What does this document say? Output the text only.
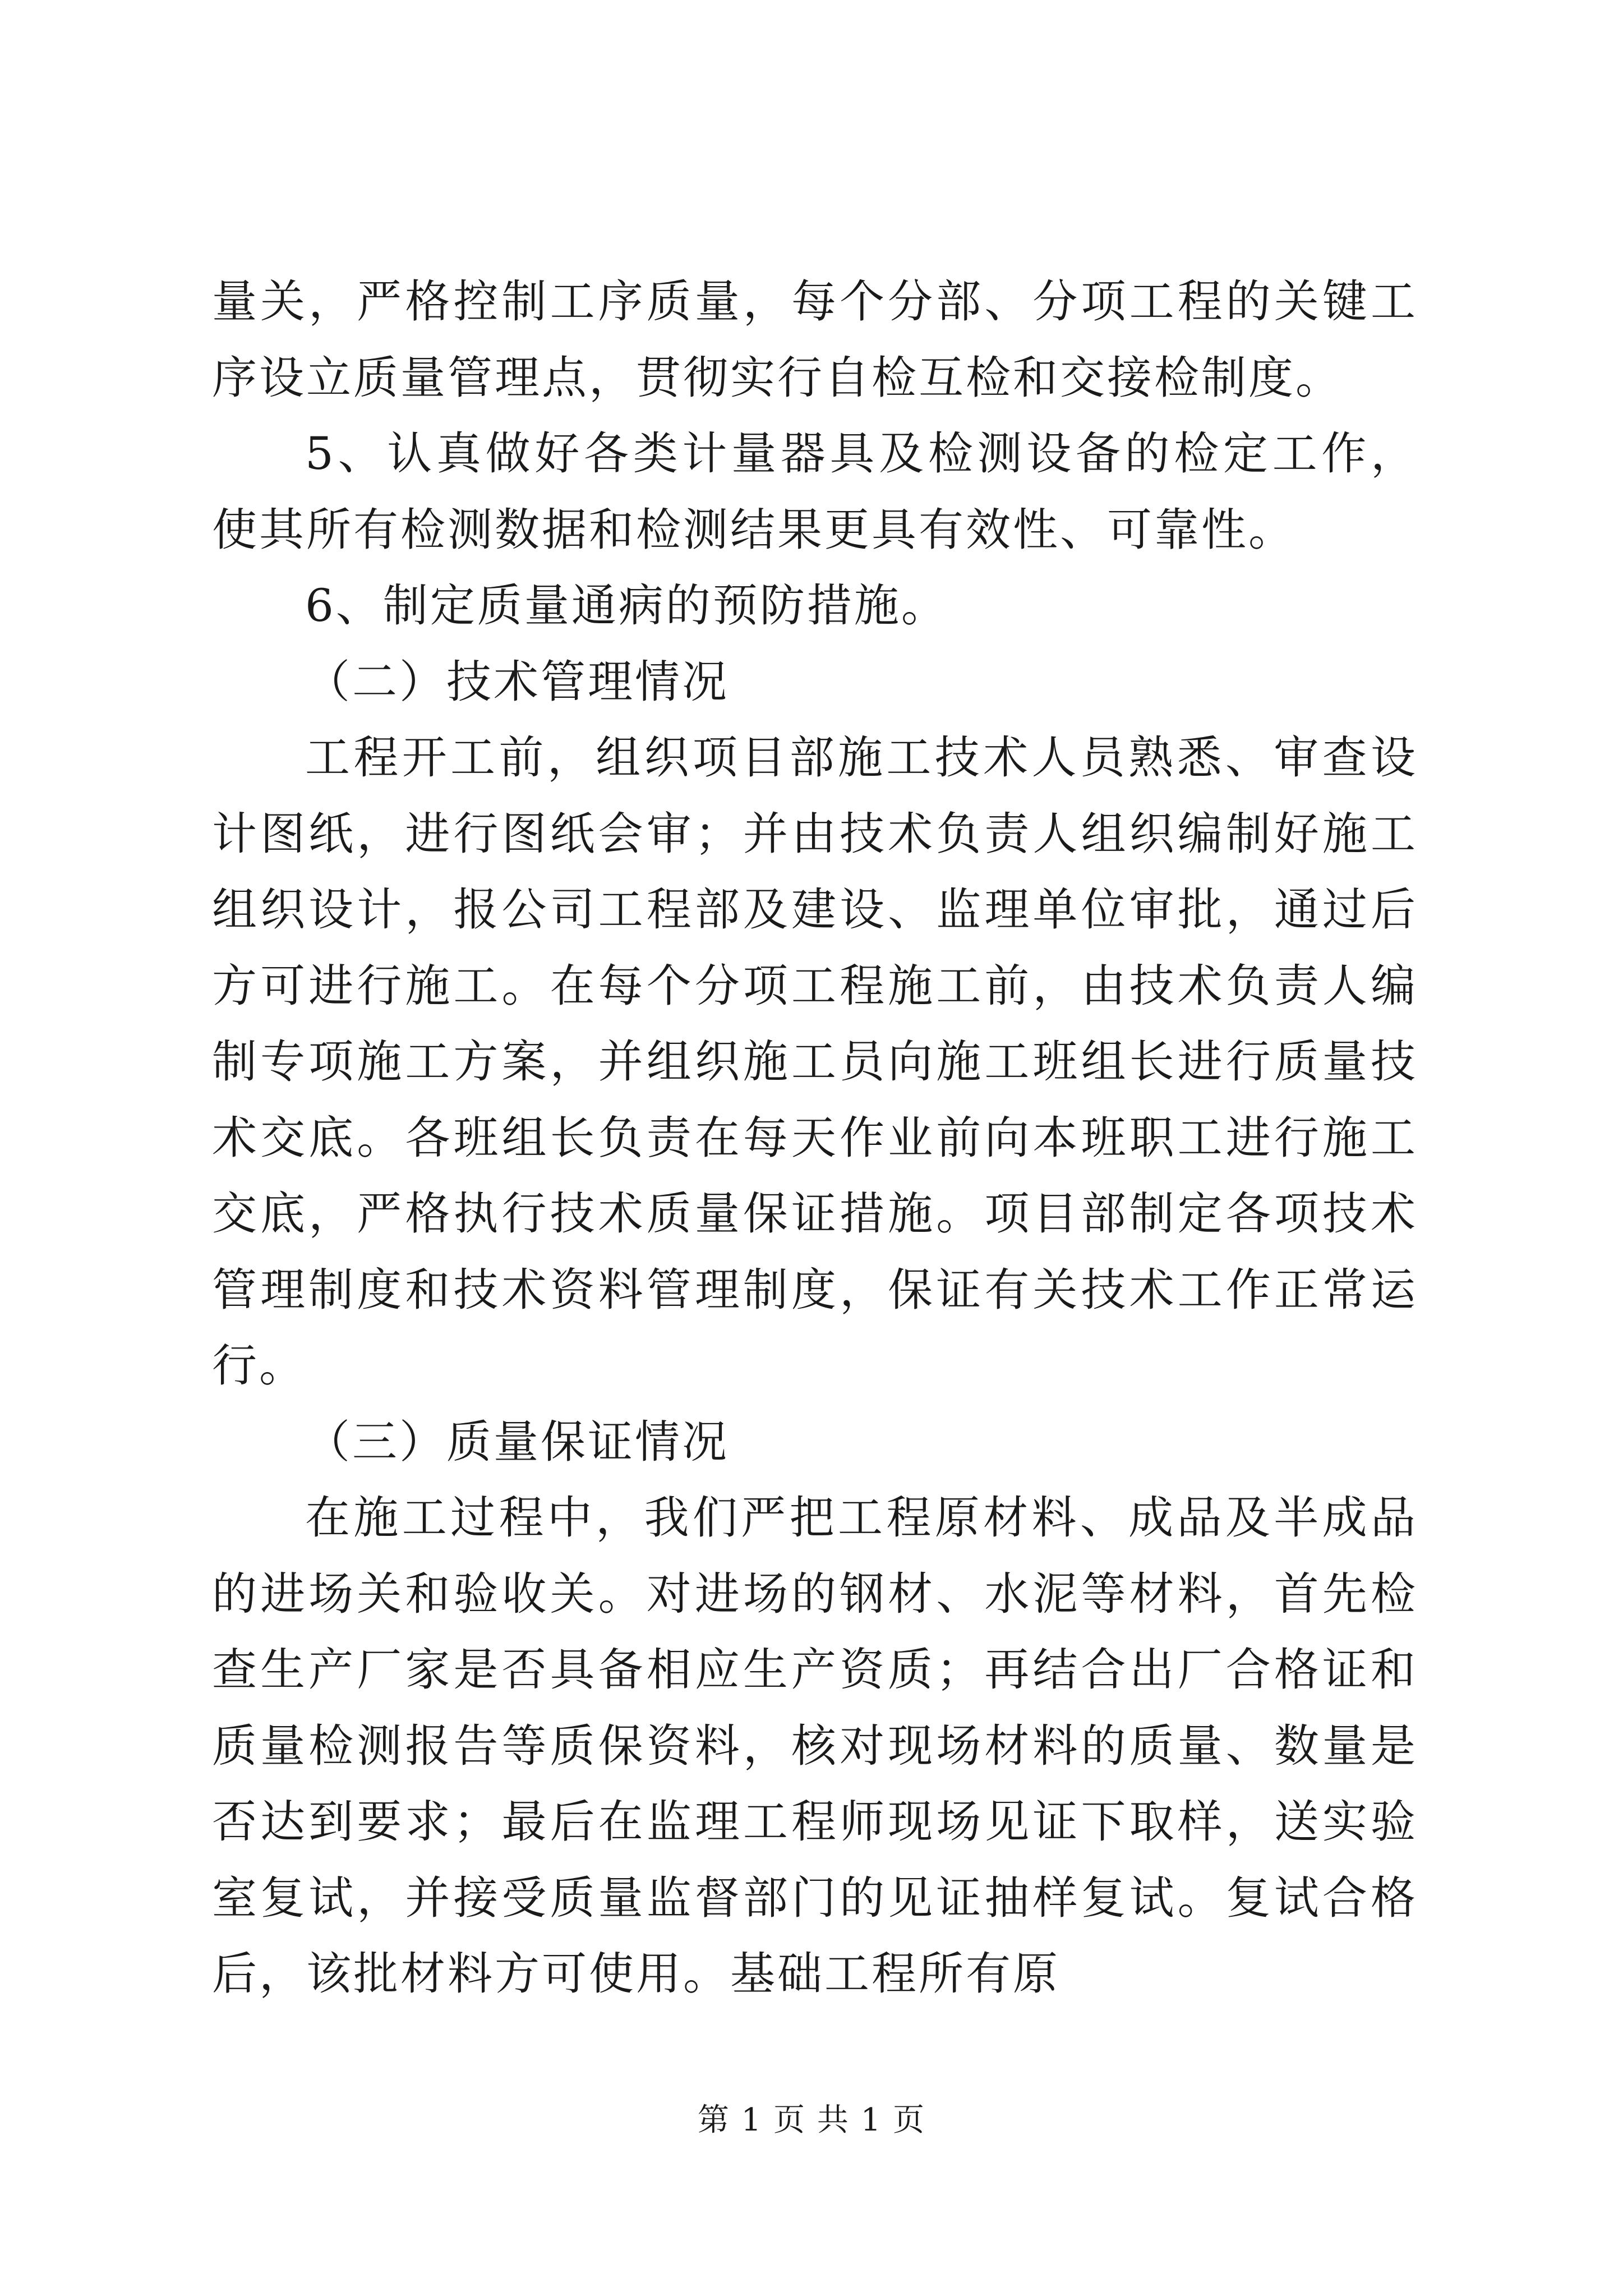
量关，严格控制工序质量，每个分部、分项工程的关键工序设立质量管理点，贯彻实行自检互检和交接检制度。

5、认真做好各类计量器具及检测设备的检定工作，使其所有检测数据和检测结果更具有效性、可靠性。

6、制定质量通病的预防措施。

（二）技术管理情况

工程开工前，组织项目部施工技术人员熟悉、审查设计图纸，进行图纸会审；并由技术负责人组织编制好施工组织设计，报公司工程部及建设、监理单位审批，通过后方可进行施工。在每个分项工程施工前，由技术负责人编制专项施工方案，并组织施工员向施工班组长进行质量技术交底。各班组长负责在每天作业前向本班职工进行施工交底，严格执行技术质量保证措施。项目部制定各项技术管理制度和技术资料管理制度，保证有关技术工作正常运行。

（三）质量保证情况

在施工过程中，我们严把工程原材料、成品及半成品的进场关和验收关。对进场的钢材、水泥等材料，首先检查生产厂家是否具备相应生产资质；再结合出厂合格证和质量检测报告等质保资料，核对现场材料的质量、数量是否达到要求；最后在监理工程师现场见证下取样，送实验室复试，并接受质量监督部门的见证抽样复试。复试合格后，该批材料方可使用。基础工程所有原

第 1 页 共 1 页
